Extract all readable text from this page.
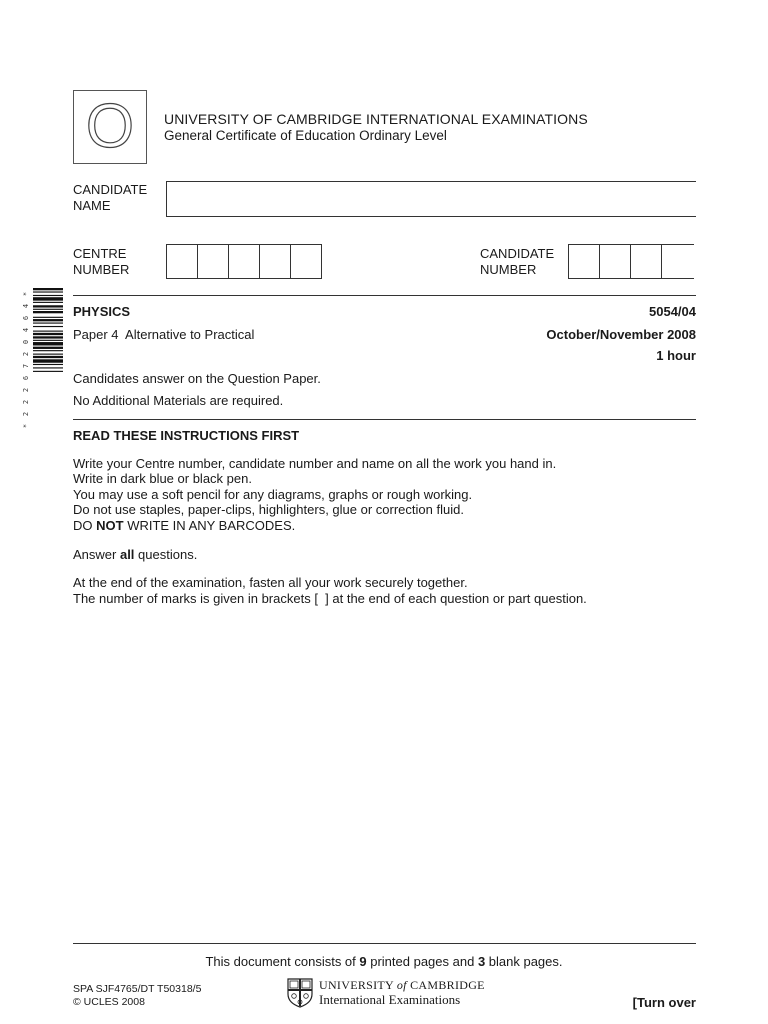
O UNIVERSITY OF CAMBRIDGE INTERNATIONAL EXAMINATIONS
General Certificate of Education Ordinary Level
CANDIDATE
NAME
CENTRE
NUMBER
CANDIDATE
NUMBER
*
4
6
4
0
2
7
6
2
2
2
*
PHYSICS	5054/04
Paper 4  Alternative to Practical	October/November 2008
1 hour
Candidates answer on the Question Paper.
No Additional Materials are required.
READ THESE INSTRUCTIONS FIRST
Write your Centre number, candidate number and name on all the work you hand in.
Write in dark blue or black pen.
You may use a soft pencil for any diagrams, graphs or rough working.
Do not use staples, paper-clips, highlighters, glue or correction fluid.
DO NOT WRITE IN ANY BARCODES.
Answer all questions.
At the end of the examination, fasten all your work securely together.
The number of marks is given in brackets [  ] at the end of each question or part question.
This document consists of 9 printed pages and 3 blank pages.
SPA SJF4765/DT T50318/5
© UCLES 2008
UNIVERSITY of CAMBRIDGE
International Examinations	[Turn over
